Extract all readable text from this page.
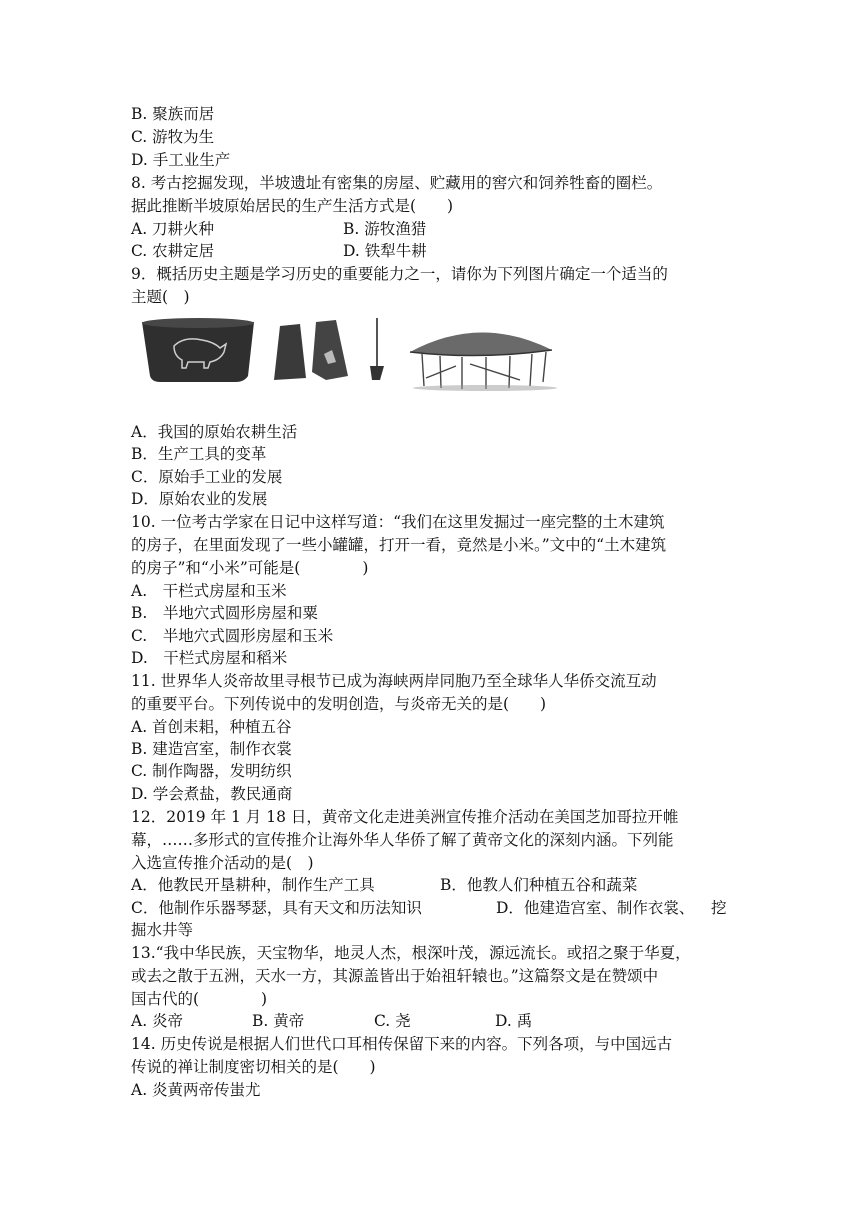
B. 聚族而居
C. 游牧为生
D. 手工业生产
8. 考古挖掘发现，半坡遗址有密集的房屋、贮藏用的窖穴和饲养牲畜的圈栏。
据此推断半坡原始居民的生产生活方式是(　　)
A. 刀耕火种	B. 游牧渔猎
C. 农耕定居	D. 铁犁牛耕
9．概括历史主题是学习历史的重要能力之一，请你为下列图片确定一个适当的
主题(　)
A．我国的原始农耕生活
B．生产工具的变革
C．原始手工业的发展
D．原始农业的发展
10. 一位考古学家在日记中这样写道：“我们在这里发掘过一座完整的土木建筑
的房子，在里面发现了一些小罐罐，打开一看，竟然是小米。”文中的“土木建筑
的房子”和“小米”可能是(　　　　)
A.　干栏式房屋和玉米
B.　半地穴式圆形房屋和粟
C.　半地穴式圆形房屋和玉米
D.　干栏式房屋和稻米
11. 世界华人炎帝故里寻根节已成为海峡两岸同胞乃至全球华人华侨交流互动
的重要平台。下列传说中的发明创造，与炎帝无关的是(　　)
A. 首创耒耜，种植五谷
B. 建造宫室，制作衣裳
C. 制作陶器，发明纺织
D. 学会煮盐，教民通商
12．2019 年 1 月 18 日，黄帝文化走进美洲宣传推介活动在美国芝加哥拉开帷
幕，……多形式的宣传推介让海外华人华侨了解了黄帝文化的深刻内涵。下列能
入选宣传推介活动的是(　)
A．他教民开垦耕种，制作生产工具	B．他教人们种植五谷和蔬菜
C．他制作乐器琴瑟，具有天文和历法知识	D．他建造宫室、制作衣裳、 挖
掘水井等
13.“我中华民族，天宝物华，地灵人杰，根深叶茂，源远流长。或招之聚于华夏，
或去之散于五洲，天水一方，其源盖皆出于始祖轩辕也。”这篇祭文是在赞颂中
国古代的(　　　　)
A. 炎帝	B. 黄帝	C. 尧	D. 禹
14. 历史传说是根据人们世代口耳相传保留下来的内容。下列各项，与中国远古
传说的禅让制度密切相关的是(　　)
A. 炎黄两帝传蚩尤
